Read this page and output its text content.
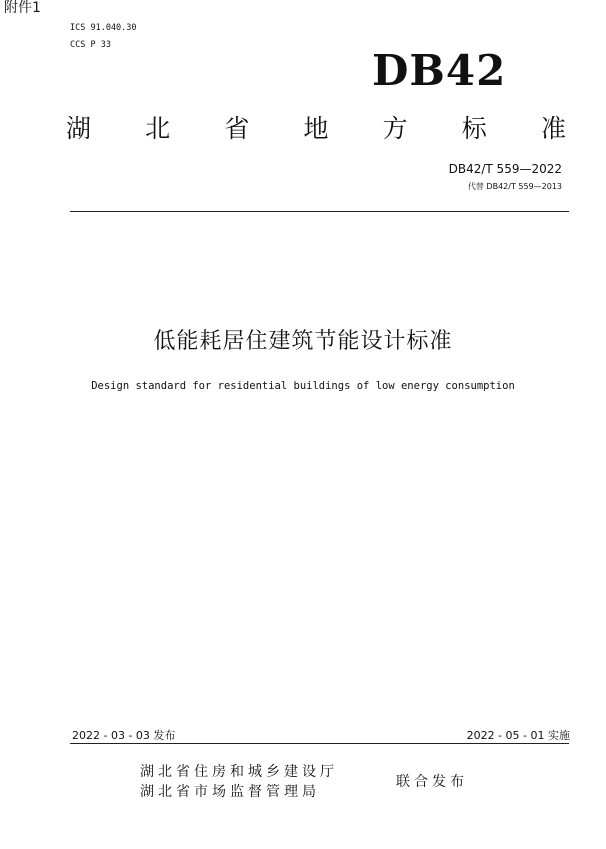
附件1
ICS 91.040.30
CCS P 33
DB42
湖 北 省 地 方 标 准
DB42/T 559—2022
代替 DB42/T 559—2013
低能耗居住建筑节能设计标准
Design standard for residential buildings of low energy consumption
2022 - 03 - 03 发布	2022 - 05 - 01 实施
湖北省住房和城乡建设厅
湖北省市场监督管理局
联合发布
